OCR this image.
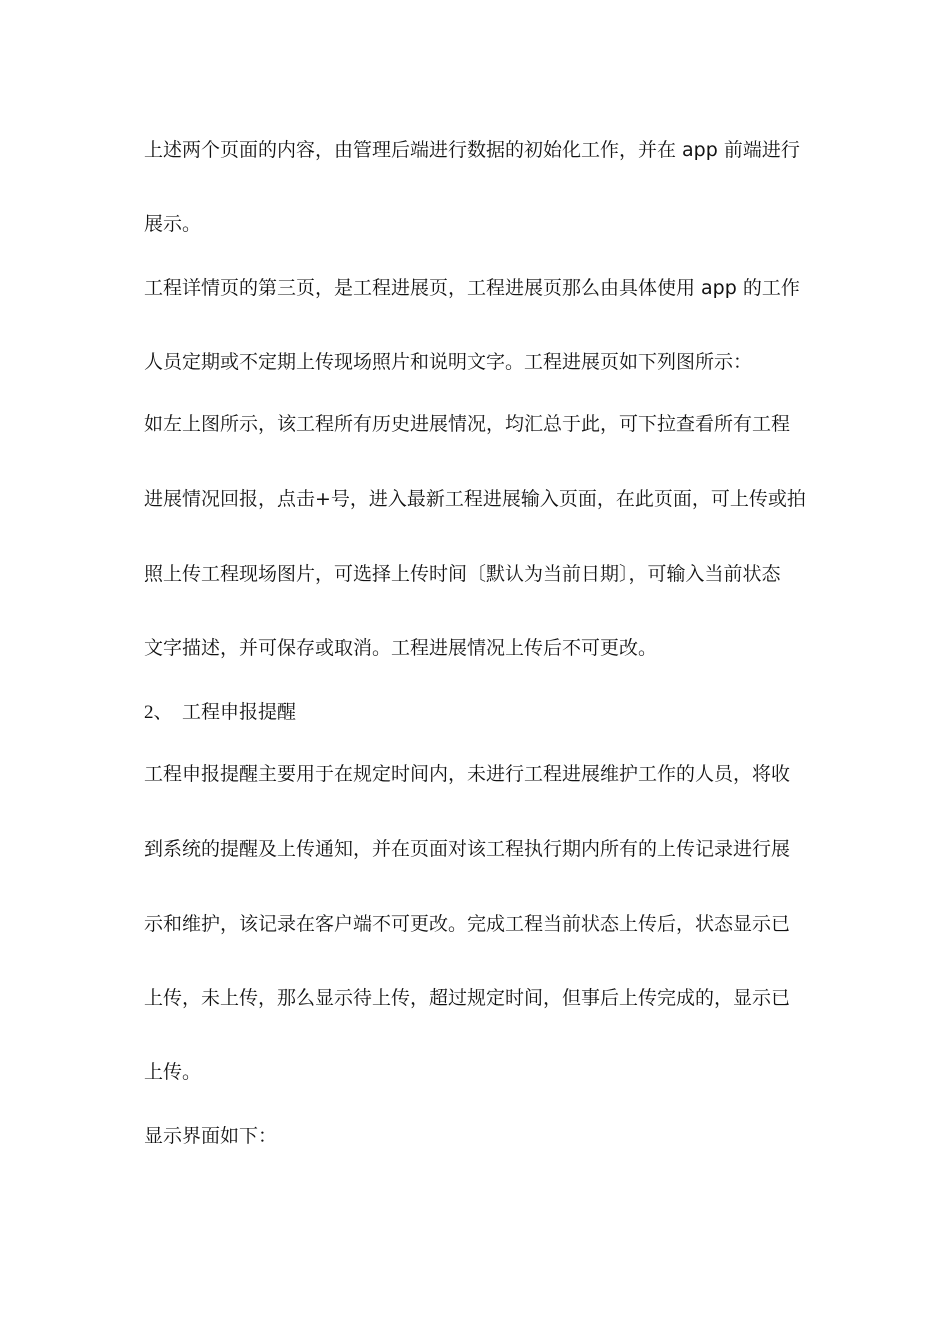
上述两个页面的内容，由管理后端进行数据的初始化工作，并在 app 前端进行
展示。
工程详情页的第三页，是工程进展页，工程进展页那么由具体使用 app 的工作
人员定期或不定期上传现场照片和说明文字。工程进展页如下列图所示：
如左上图所示，该工程所有历史进展情况，均汇总于此，可下拉查看所有工程
进展情况回报，点击+号，进入最新工程进展输入页面，在此页面，可上传或拍
照上传工程现场图片，可选择上传时间〔默认为当前日期〕，可输入当前状态
文字描述，并可保存或取消。工程进展情况上传后不可更改。
2、 工程申报提醒
工程申报提醒主要用于在规定时间内，未进行工程进展维护工作的人员，将收
到系统的提醒及上传通知，并在页面对该工程执行期内所有的上传记录进行展
示和维护，该记录在客户端不可更改。完成工程当前状态上传后，状态显示已
上传，未上传，那么显示待上传，超过规定时间，但事后上传完成的，显示已
上传。
显示界面如下：
